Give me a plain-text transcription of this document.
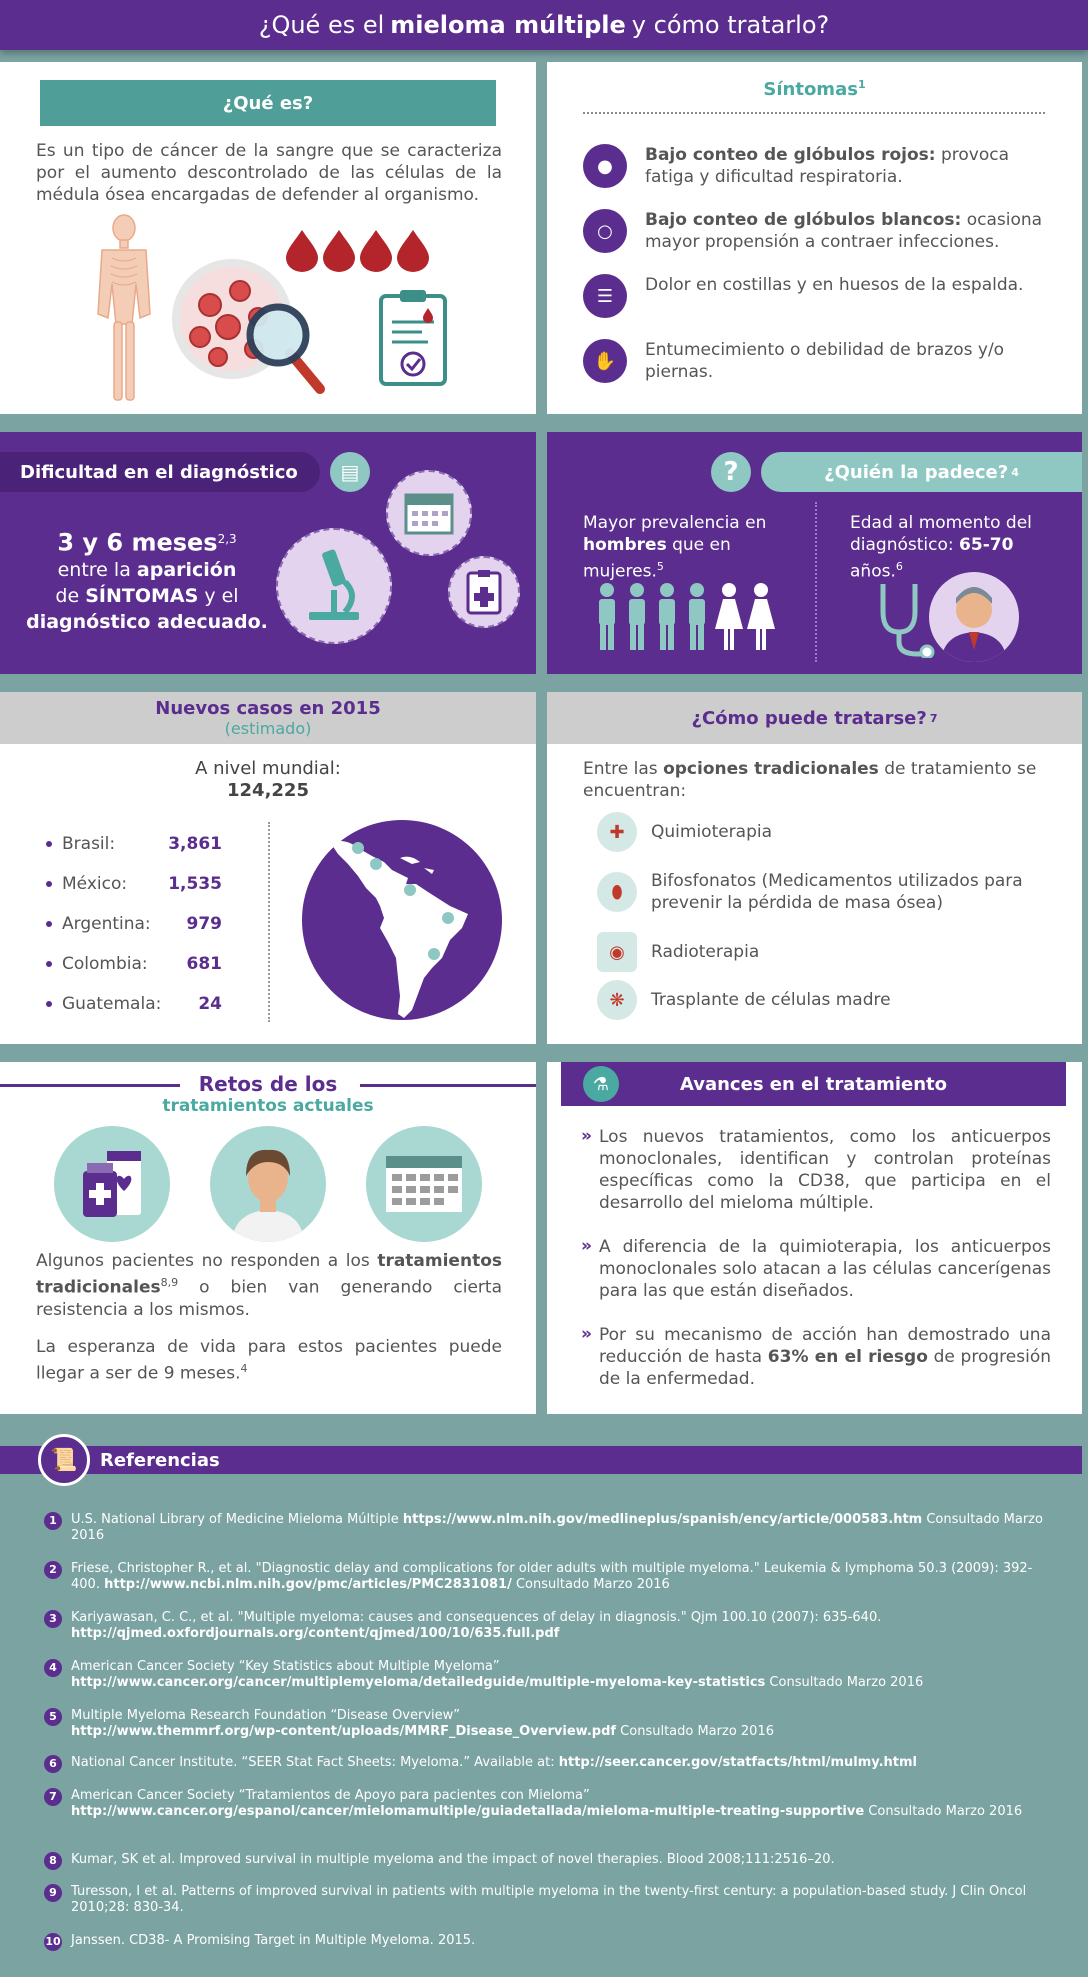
¿Qué es el mieloma múltiple y cómo tratarlo?
¿Qué es?
Es un tipo de cáncer de la sangre que se caracteriza por el aumento descontrolado de las células de la médula ósea encargadas de defender al organismo.
Síntomas$^1$
●
Bajo conteo de glóbulos rojos: provoca fatiga y dificultad respiratoria.
○
Bajo conteo de glóbulos blancos: ocasiona mayor propensión a contraer infecciones.
☰
Dolor en costillas y en huesos de la espalda.
✋
Entumecimiento o debilidad de brazos y/o piernas.
Dificultad en el diagnóstico	▤
3 y 6 meses$^{2,3}$
entre la aparición
de SÍNTOMAS y el
diagnóstico adecuado.
?	¿Quién la padece? 4
Mayor prevalencia en hombres que en mujeres.$^5$
Edad al momento del diagnóstico: 65-70 años.$^6$
Nuevos casos en 2015
(estimado)
A nivel mundial:
124,225
Brasil:	3,861
México: 1,535
Argentina: 979
Colombia: 681
Guatemala: 24
¿Cómo puede tratarse? 7
Entre las opciones tradicionales de tratamiento se encuentran:
✚	Quimioterapia
⬮
Bifosfonatos (Medicamentos utilizados para prevenir la pérdida de masa ósea)
◉	Radioterapia
❋	Trasplante de células madre
Retos de los
tratamientos actuales
Algunos pacientes no responden a los tratamientos tradicionales$^{8,9}$ o bien van generando cierta resistencia a los mismos.
La esperanza de vida para estos pacientes puede llegar a ser de 9 meses.$^4$
Avances en el tratamiento
⚗
» Los nuevos tratamientos, como los anticuerpos monoclonales, identifican y controlan proteínas específicas como la CD38, que participa en el desarrollo del mieloma múltiple.
» A diferencia de la quimioterapia, los anticuerpos monoclonales solo atacan a las células cancerígenas para las que están diseñados.
» Por su mecanismo de acción han demostrado una reducción de hasta 63% en el riesgo de progresión de la enfermedad.
Referencias
📜
1	U.S. National Library of Medicine Mieloma Múltiple https://www.nlm.nih.gov/medlineplus/spanish/ency/article/000583.htm Consultado Marzo 2016
2	Friese, Christopher R., et al. "Diagnostic delay and complications for older adults with multiple myeloma." Leukemia & lymphoma 50.3 (2009): 392-400. http://www.ncbi.nlm.nih.gov/pmc/articles/PMC2831081/ Consultado Marzo 2016
3	Kariyawasan, C. C., et al. "Multiple myeloma: causes and consequences of delay in diagnosis." Qjm 100.10 (2007): 635-640. http://qjmed.oxfordjournals.org/content/qjmed/100/10/635.full.pdf
4	American Cancer Society “Key Statistics about Multiple Myeloma”
http://www.cancer.org/cancer/multiplemyeloma/detailedguide/multiple-myeloma-key-statistics Consultado Marzo 2016
5	Multiple Myeloma Research Foundation “Disease Overview”
http://www.themmrf.org/wp-content/uploads/MMRF_Disease_Overview.pdf Consultado Marzo 2016
6	National Cancer Institute. “SEER Stat Fact Sheets: Myeloma.” Available at: http://seer.cancer.gov/statfacts/html/mulmy.html
7	American Cancer Society “Tratamientos de Apoyo para pacientes con Mieloma”
http://www.cancer.org/espanol/cancer/mielomamultiple/guiadetallada/mieloma-multiple-treating-supportive Consultado Marzo 2016
8	Kumar, SK et al. Improved survival in multiple myeloma and the impact of novel therapies. Blood 2008;111:2516–20.
9	Turesson, I et al. Patterns of improved survival in patients with multiple myeloma in the twenty-first century: a population-based study. J Clin Oncol 2010;28: 830-34.
10 Janssen. CD38- A Promising Target in Multiple Myeloma. 2015.
